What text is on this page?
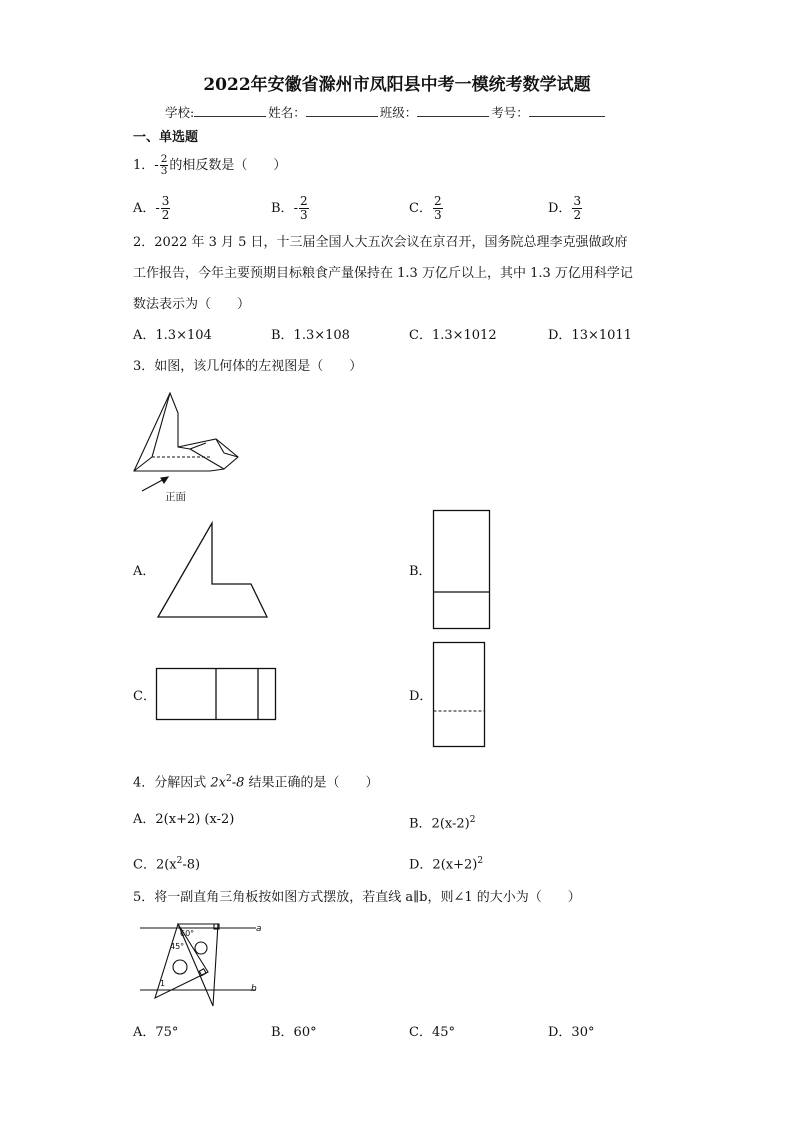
2022年安徽省滁州市凤阳县中考一模统考数学试题
学校:	姓名：	班级：	考号：
一、单选题
1．- $\frac{2}{3}$ 的相反数是（　　）
A．- $\frac{3}{2}$	B．- $\frac{2}{3}$	C． $\frac{2}{3}$	D． $\frac{3}{2}$
2．2022 年 3 月 5 日，十三届全国人大五次会议在京召开，国务院总理李克强做政府
工作报告，今年主要预期目标粮食产量保持在 1.3 万亿斤以上，其中 1.3 万亿用科学记
数法表示为（　　）
A．1.3×104	B．1.3×108	C．1.3×1012	D．13×1011
3．如图，该几何体的左视图是（　　）
正面
A．	B．
C．	D．
4．分解因式 $2x^2-8$ 结果正确的是（　　）
A．2(x+2) (x-2)	B．$2(x-2)^2$
C．$2(x^2-8)$	D．$2(x+2)^2$
5．将一副直角三角板按如图方式摆放，若直线 a∥b，则∠1 的大小为（　　）
a
b
60°
45°
1
A．75°	B．60°	C．45°	D．30°
